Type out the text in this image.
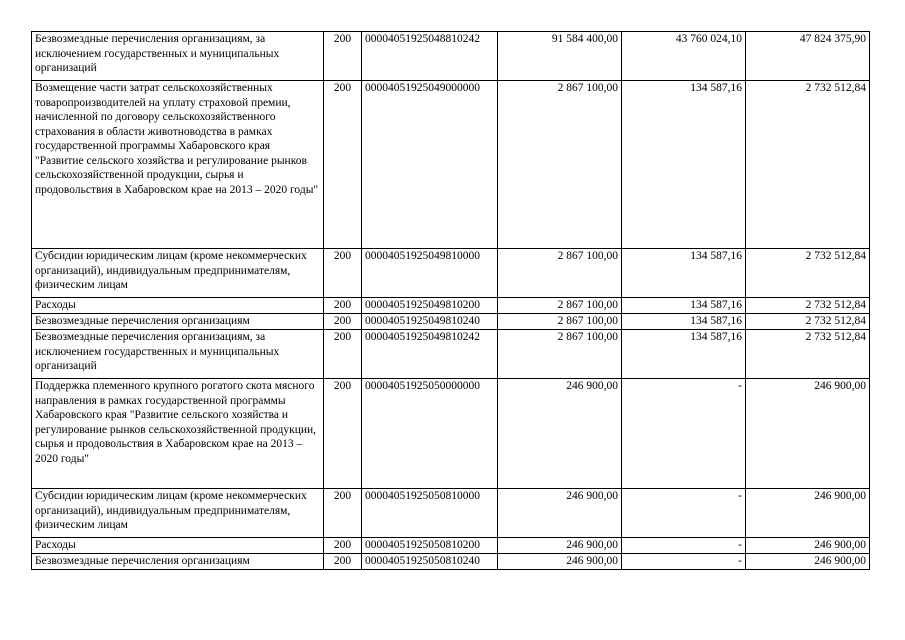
Безвозмездные перечисления организациям, за исключением государственных и муниципальных организаций	200	00004051925048810242	91 584 400,00	43 760 024,10	47 824 375,90
Возмещение части затрат сельскохозяйственных товаропроизводителей на уплату страховой премии, начисленной по договору сельскохозяйственного страхования в области животноводства в рамках государственной программы Хабаровского края "Развитие сельского хозяйства и регулирование рынков сельскохозяйственной продукции, сырья и продовольствия в Хабаровском крае на 2013 – 2020 годы"	200	00004051925049000000	2 867 100,00	134 587,16	2 732 512,84
Субсидии юридическим лицам (кроме некоммерческих организаций), индивидуальным предпринимателям, физическим лицам	200	00004051925049810000	2 867 100,00	134 587,16	2 732 512,84
Расходы	200	00004051925049810200	2 867 100,00	134 587,16	2 732 512,84
Безвозмездные перечисления организациям	200	00004051925049810240	2 867 100,00	134 587,16	2 732 512,84
Безвозмездные перечисления организациям, за исключением государственных и муниципальных организаций	200	00004051925049810242	2 867 100,00	134 587,16	2 732 512,84
Поддержка племенного крупного рогатого скота мясного направления в рамках государственной программы Хабаровского края "Развитие сельского хозяйства и регулирование рынков сельскохозяйственной продукции, сырья и продовольствия в Хабаровском крае на 2013 – 2020 годы"	200	00004051925050000000	246 900,00	-	246 900,00
Субсидии юридическим лицам (кроме некоммерческих организаций), индивидуальным предпринимателям, физическим лицам	200	00004051925050810000	246 900,00	-	246 900,00
Расходы	200	00004051925050810200	246 900,00	-	246 900,00
Безвозмездные перечисления организациям	200	00004051925050810240	246 900,00	-	246 900,00
